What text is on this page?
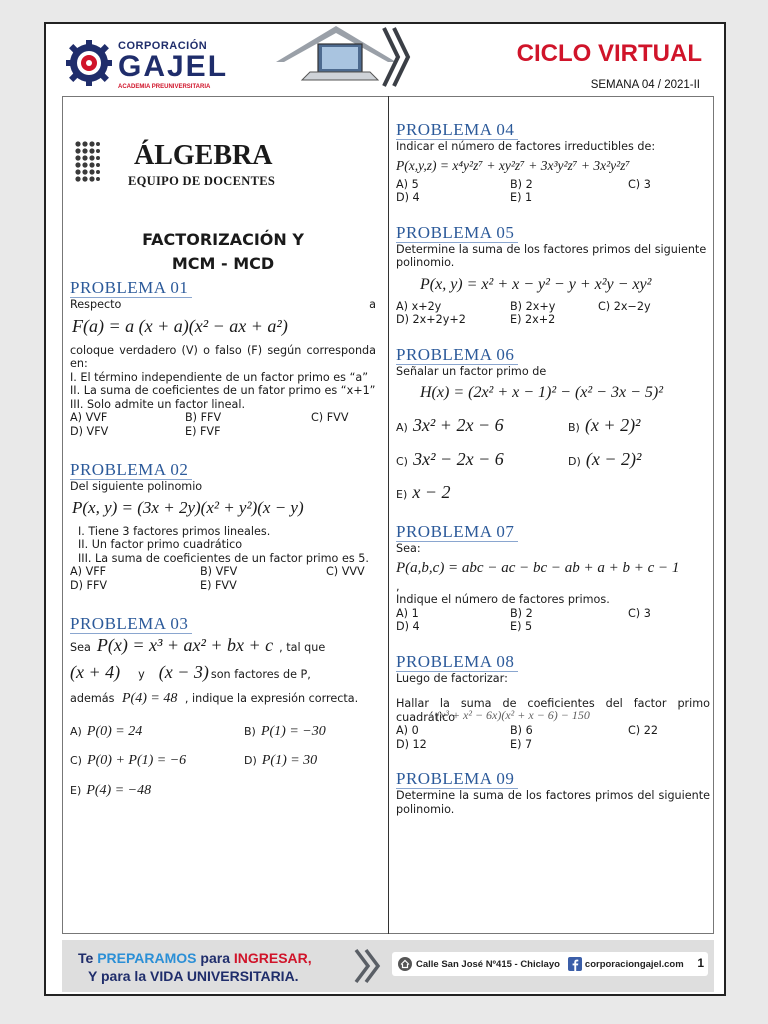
CORPORACIÓN
GAJEL
ACADEMIA PREUNIVERSITARIA
CICLO VIRTUAL
SEMANA 04 / 2021-II
ÁLGEBRA
EQUIPO DE DOCENTES
FACTORIZACIÓN Y
MCM - MCD
PROBLEMA 01
Respecto	a
F(a) = a (x + a)(x² − ax + a²)
coloque verdadero (V) o falso (F) según corresponda en:
I. El término independiente de un factor primo es “a”
II. La suma de coeficientes de un fator primo es “x+1”
III. Solo admite un factor lineal.
A) VVF	B) FFV	C) FVV
D) VFV	E) FVF
PROBLEMA 02
Del siguiente polinomio
P(x, y) = (3x + 2y)(x² + y²)(x − y)
I. Tiene 3 factores primos lineales.
II. Un factor primo cuadrático
III. La suma de coeficientes de un factor primo es 5.
A) VFF	B) VFV	C) VVV
D) FFV	E) FVV
PROBLEMA 03
Sea P(x) = x³ + ax² + bx + c , tal que
(x + 4) y (x − 3) son factores de P,
además P(4) = 48 , indique la expresión correcta.
A) P(0) = 24	B) P(1) = −30
C) P(0) + P(1) = −6	D) P(1) = 30
E) P(4) = −48
PROBLEMA 04
Indicar el número de factores irreductibles de:
P(x,y,z) = x⁴y²z⁷ + xy²z⁷ + 3x³y²z⁷ + 3x²y²z⁷
A) 5	B) 2	C) 3
D) 4	E) 1
PROBLEMA 05
Determine la suma de los factores primos del siguiente polinomio.
P(x, y) = x² + x − y² − y + x²y − xy²
A) x+2y	B) 2x+y	C) 2x−2y
D) 2x+2y+2	E) 2x+2
PROBLEMA 06
Señalar un factor primo de
H(x) = (2x² + x − 1)² − (x² − 3x − 5)²
A) 3x² + 2x − 6	B) (x + 2)²
C) 3x² − 2x − 6	D) (x − 2)²
E) x − 2
PROBLEMA 07
Sea:
P(a,b,c) = abc − ac − bc − ab + a + b + c − 1
,
Indique el número de factores primos.
A) 1	B) 2	C) 3
D) 4	E) 5
PROBLEMA 08
Luego de factorizar:
Hallar la suma de coeficientes del factor primo cuadrático
(x³ + x² − 6x)(x² + x − 6) − 150
A) 0	B) 6	C) 22
D) 12	E) 7
PROBLEMA 09
Determine la suma de los factores primos del siguiente polinomio.
Te PREPARAMOS para INGRESAR,
Y para la VIDA UNIVERSITARIA.
Calle San José Nº415 - Chiclayo	corporaciongajel.com 1
